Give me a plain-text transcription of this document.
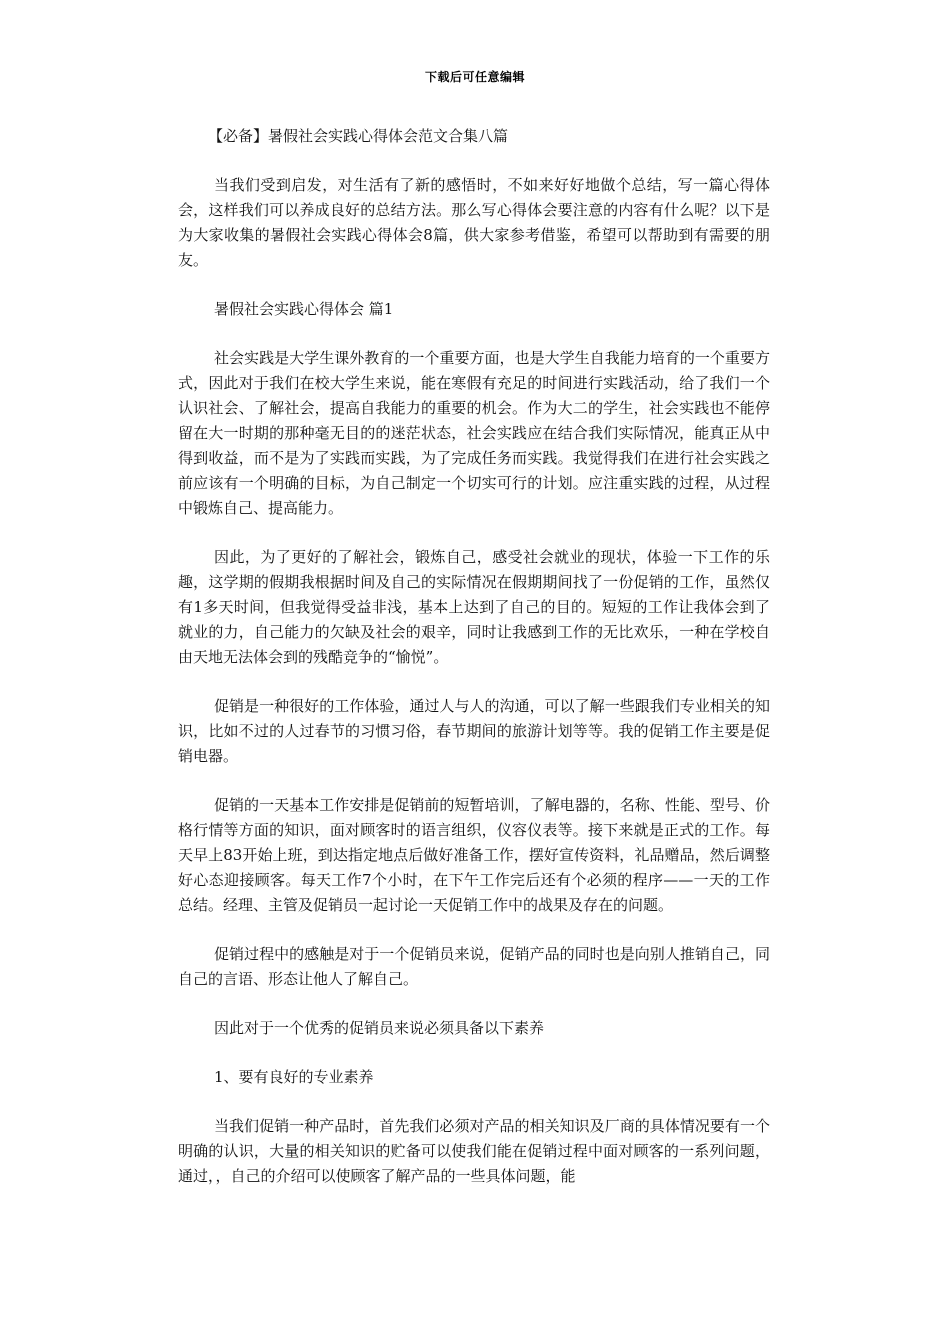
下载后可任意编辑

【必备】暑假社会实践心得体会范文合集八篇

当我们受到启发，对生活有了新的感悟时，不如来好好地做个总结，写一篇心得体会，这样我们可以养成良好的总结方法。那么写心得体会要注意的内容有什么呢？以下是为大家收集的暑假社会实践心得体会8篇，供大家参考借鉴，希望可以帮助到有需要的朋友。

暑假社会实践心得体会 篇1

社会实践是大学生课外教育的一个重要方面，也是大学生自我能力培育的一个重要方式，因此对于我们在校大学生来说，能在寒假有充足的时间进行实践活动，给了我们一个认识社会、了解社会，提高自我能力的重要的机会。作为大二的学生，社会实践也不能停留在大一时期的那种毫无目的的迷茫状态，社会实践应在结合我们实际情况，能真正从中得到收益，而不是为了实践而实践，为了完成任务而实践。我觉得我们在进行社会实践之前应该有一个明确的目标，为自己制定一个切实可行的计划。应注重实践的过程，从过程中锻炼自己、提高能力。

因此，为了更好的了解社会，锻炼自己，感受社会就业的现状，体验一下工作的乐趣，这学期的假期我根据时间及自己的实际情况在假期期间找了一份促销的工作，虽然仅有1多天时间，但我觉得受益非浅，基本上达到了自己的目的。短短的工作让我体会到了就业的力，自己能力的欠缺及社会的艰辛，同时让我感到工作的无比欢乐，一种在学校自由天地无法体会到的残酷竞争的“愉悦”。

促销是一种很好的工作体验，通过人与人的沟通，可以了解一些跟我们专业相关的知识，比如不过的人过春节的习惯习俗，春节期间的旅游计划等等。我的促销工作主要是促销电器。

促销的一天基本工作安排是促销前的短暂培训，了解电器的，名称、性能、型号、价格行情等方面的知识，面对顾客时的语言组织，仪容仪表等。接下来就是正式的工作。每天早上83开始上班，到达指定地点后做好准备工作，摆好宣传资料，礼品赠品，然后调整好心态迎接顾客。每天工作7个小时，在下午工作完后还有个必须的程序——一天的工作总结。经理、主管及促销员一起讨论一天促销工作中的战果及存在的问题。

促销过程中的感触是对于一个促销员来说，促销产品的同时也是向别人推销自己，同自己的言语、形态让他人了解自己。

因此对于一个优秀的促销员来说必须具备以下素养

1、要有良好的专业素养

当我们促销一种产品时，首先我们必须对产品的相关知识及厂商的具体情况要有一个明确的认识，大量的相关知识的贮备可以使我们能在促销过程中面对顾客的一系列问题，通过，，自己的介绍可以使顾客了解产品的一些具体问题，能
